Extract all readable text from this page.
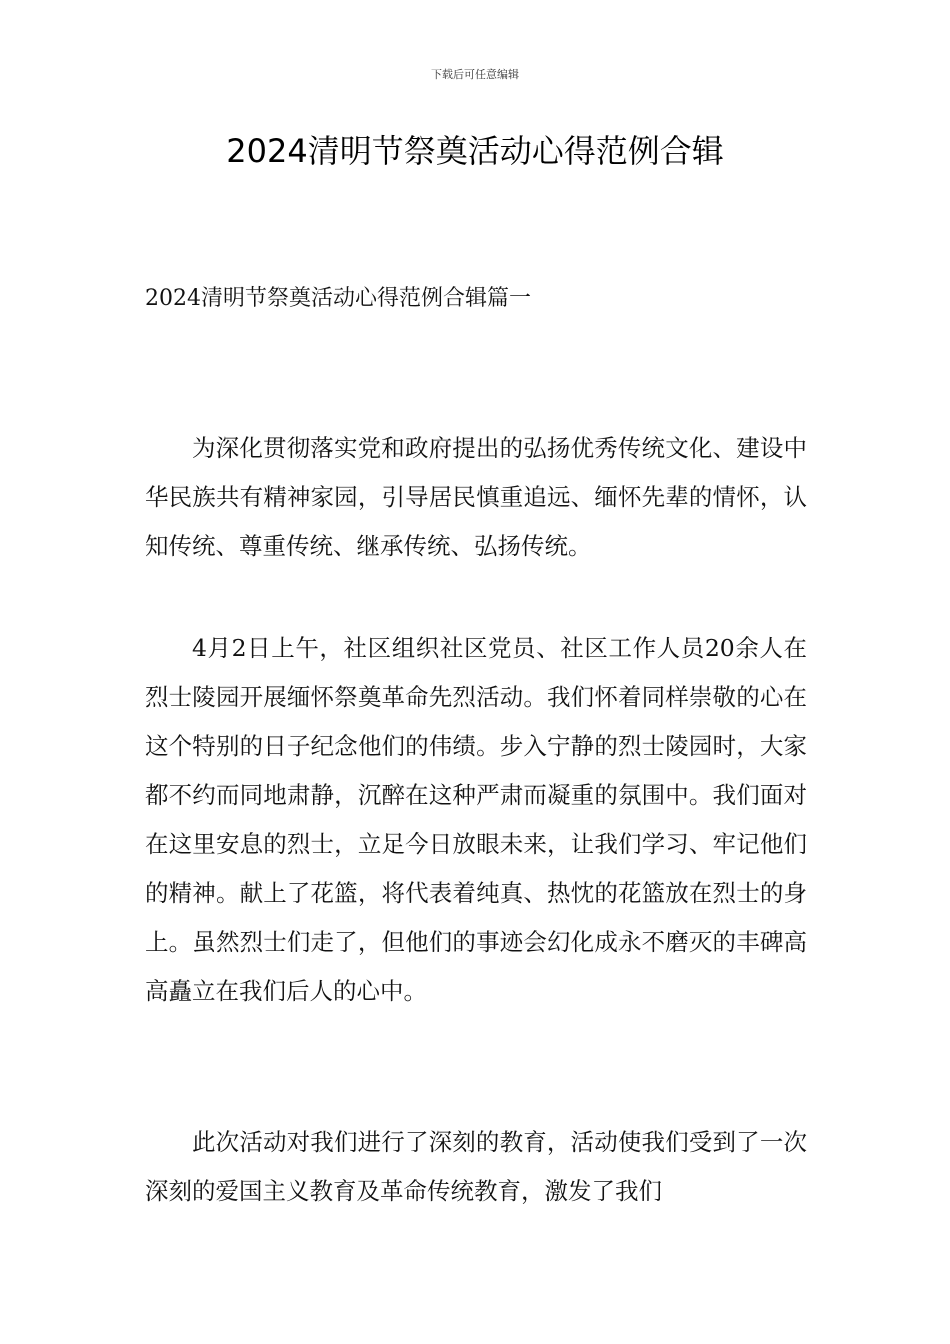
下载后可任意编辑
2024清明节祭奠活动心得范例合辑
2024清明节祭奠活动心得范例合辑篇一

为深化贯彻落实党和政府提出的弘扬优秀传统文化、建设中华民族共有精神家园，引导居民慎重追远、缅怀先辈的情怀，认知传统、尊重传统、继承传统、弘扬传统。

4月2日上午，社区组织社区党员、社区工作人员20余人在烈士陵园开展缅怀祭奠革命先烈活动。我们怀着同样崇敬的心在这个特别的日子纪念他们的伟绩。步入宁静的烈士陵园时，大家都不约而同地肃静，沉醉在这种严肃而凝重的氛围中。我们面对在这里安息的烈士，立足今日放眼未来，让我们学习、牢记他们的精神。献上了花篮，将代表着纯真、热忱的花篮放在烈士的身上。虽然烈士们走了，但他们的事迹会幻化成永不磨灭的丰碑高高矗立在我们后人的心中。

此次活动对我们进行了深刻的教育，活动使我们受到了一次深刻的爱国主义教育及革命传统教育，激发了我们
